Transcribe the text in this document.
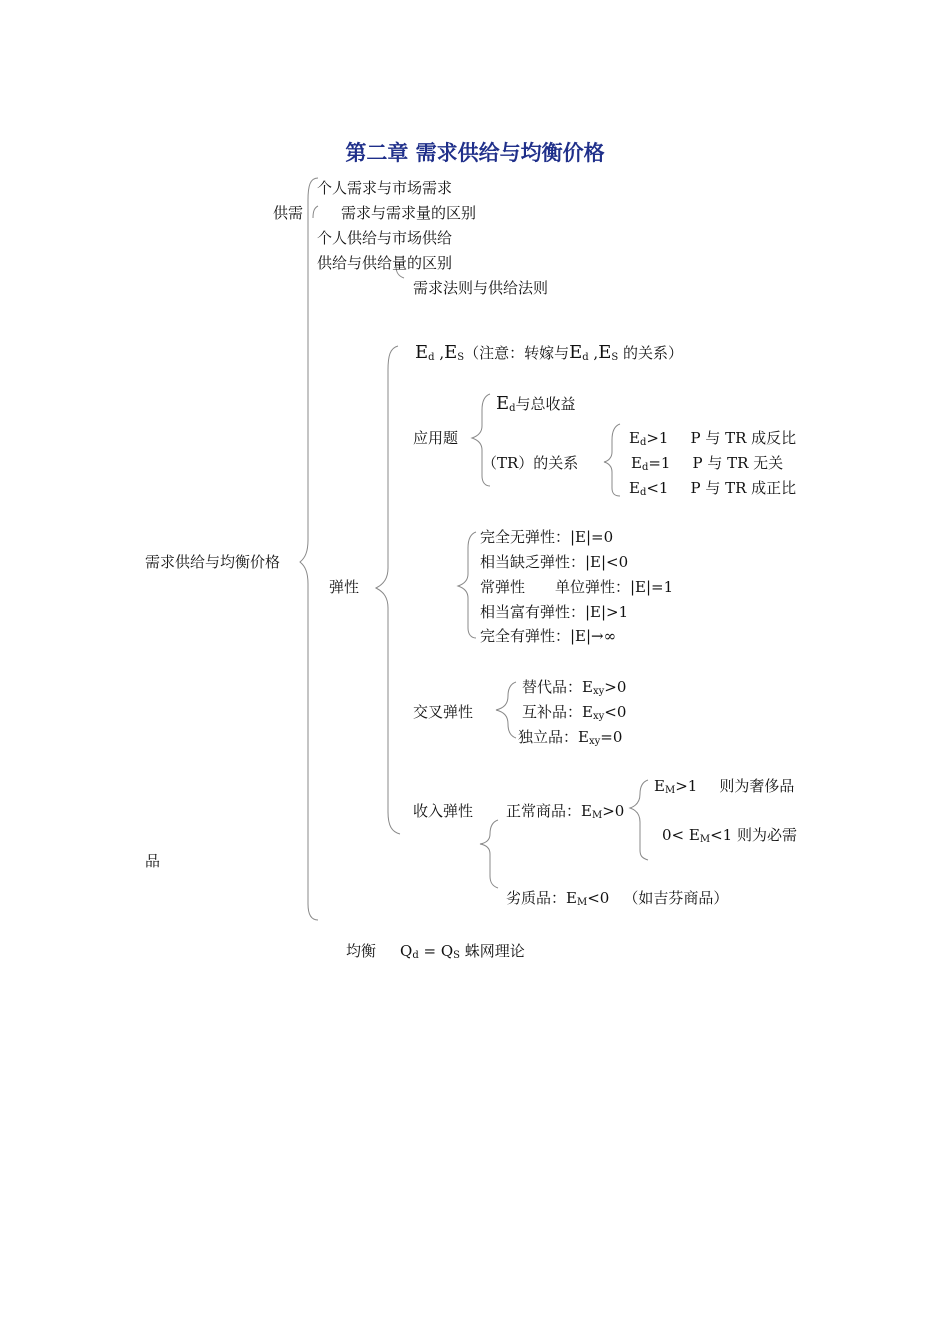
第二章 需求供给与均衡价格
需求供给与均衡价格
品
供需
个人需求与市场需求
需求与需求量的区别
个人供给与市场供给
供给与供给量的区别
需求法则与供给法则
弹性
$E_d$ $,E_S$（注意：转嫁与$E_d$ $,E_S$ 的关系）
应用题
$E_d$与总收益
（TR）的关系
$E_d>1$ P 与 TR 成反比
$E_d=1$ P 与 TR 无关
$E_d<1$ P 与 TR 成正比
完全无弹性：|E|=0
相当缺乏弹性：|E|<0
常弹性 单位弹性：|E|=1
相当富有弹性：|E|>1
完全有弹性：|E|→∞
交叉弹性
替代品：$E_{xy}>0$
互补品：$E_{xy}<0$
独立品：$E_{xy}=0$
收入弹性 正常商品：$E_M>0$
$E_M>1$ 则为奢侈品
$0< E_M<1$ 则为必需
劣质品：$E_M<0$ （如吉芬商品）
均衡 $Q_d = Q_S$ 蛛网理论
